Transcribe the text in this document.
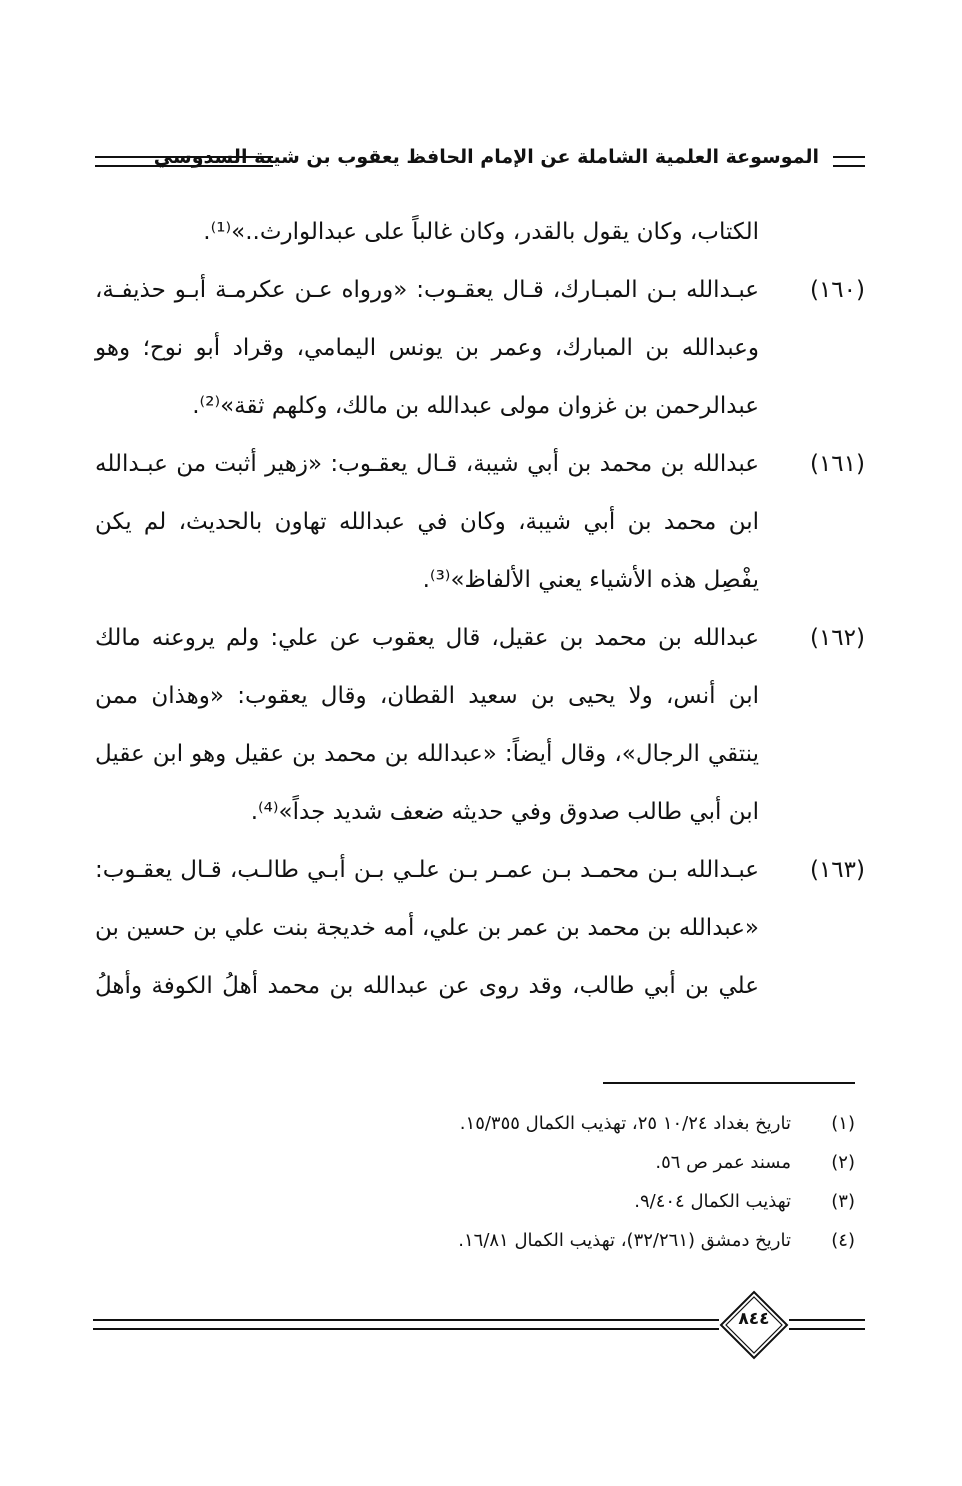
الموسوعة العلمية الشاملة عن الإمام الحافظ يعقوب بن شيبة السدوسي
الكتاب، وكان يقول بالقدر، وكان غالباً على عبدالوارث..»⁽¹⁾.
(١٦٠)
عبـدالله بـن المبـارك، قـال يعقـوب: «ورواه عـن عكرمـة أبـو حذيفـة،
وعبدالله بن المبارك، وعمر بن يونس اليمامي، وقراد أبو نوح؛ وهو
عبدالرحمن بن غزوان مولى عبدالله بن مالك، وكلهم ثقة»⁽²⁾.
(١٦١)
عبدالله بن محمد بن أبي شيبة، قـال يعقـوب: «زهير أثبت من عبـدالله
ابن محمد بن أبي شيبة، وكان في عبدالله تهاون بالحديث، لم يكن
يفْصِل هذه الأشياء يعني الألفاظ»⁽³⁾.
(١٦٢)
عبدالله بن محمد بن عقيل، قال يعقوب عن علي: ولم يروعنه مالك
ابن أنس، ولا يحيى بن سعيد القطان، وقال يعقوب: «وهذان ممن
ينتقي الرجال»، وقال أيضاً: «عبدالله بن محمد بن عقيل وهو ابن عقيل
ابن أبي طالب صدوق وفي حديثه ضعف شديد جداً»⁽⁴⁾.
(١٦٣)
عبـدالله بـن محمـد بـن عمـر بـن علـي بـن أبـي طالـب، قـال يعقـوب:
«عبدالله بن محمد بن عمر بن علي، أمه خديجة بنت علي بن حسين بن
علي بن أبي طالب، وقد روى عن عبدالله بن محمد أهلُ الكوفة وأهلُ
(١)
تاريخ بغداد ١٠/٢٤ ٢٥، تهذيب الكمال ١٥/٣٥٥.
(٢)
مسند عمر ص ٥٦.
(٣)
تهذيب الكمال ٩/٤٠٤.
(٤)
تاريخ دمشق (٣٢/٢٦١)، تهذيب الكمال ١٦/٨١.
٨٤٤
